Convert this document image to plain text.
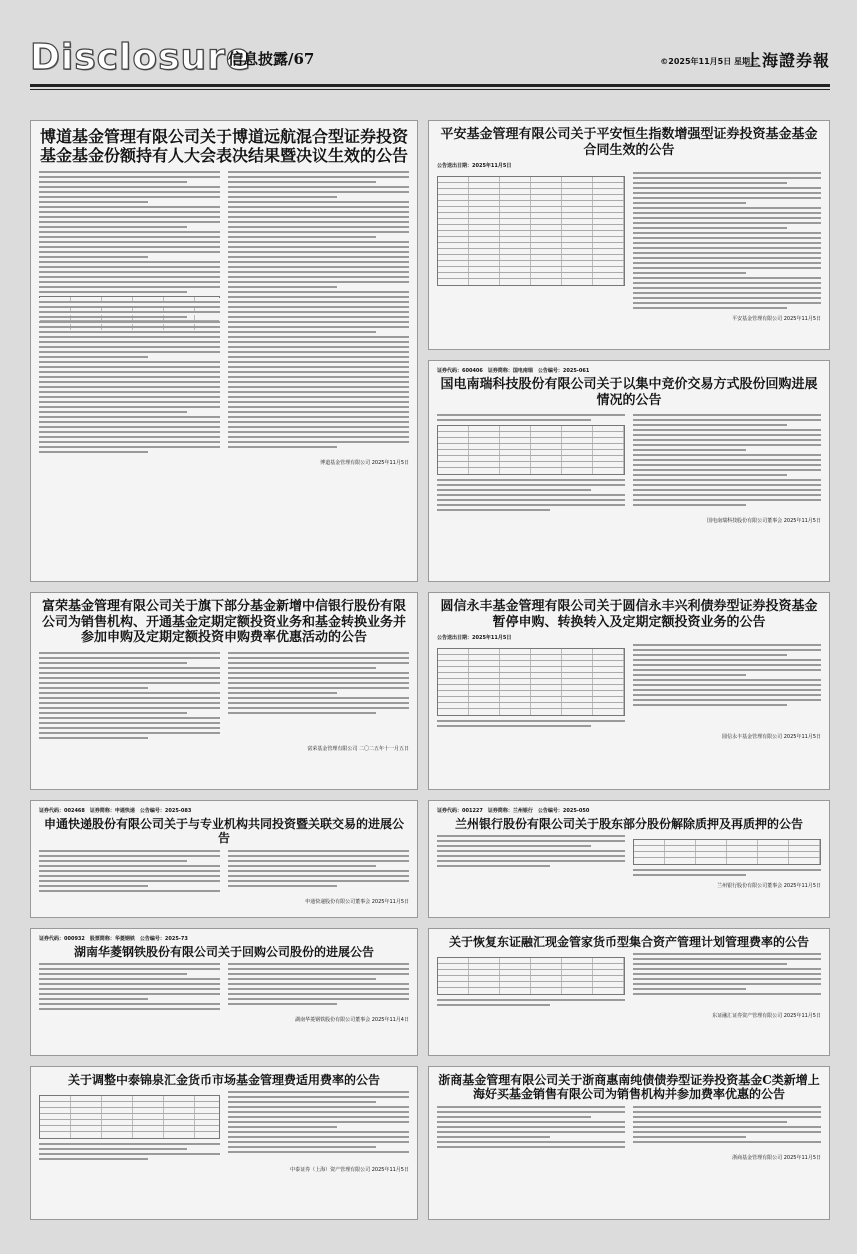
Disclosure
信息披露/67	©2025年11月5日 星期三
上海證券報
博道基金管理有限公司关于博道远航混合型证券投资基金基金份额持有人大会表决结果暨决议生效的公告
博道基金管理有限公司 2025年11月5日
平安基金管理有限公司关于平安恒生指数增强型证券投资基金基金合同生效的公告
公告送出日期：2025年11月5日
平安基金管理有限公司 2025年11月5日
证券代码：600406　证券简称：国电南瑞　公告编号：2025-061
国电南瑞科技股份有限公司关于以集中竞价交易方式股份回购进展情况的公告
国电南瑞科技股份有限公司董事会 2025年11月5日
富荣基金管理有限公司关于旗下部分基金新增中信银行股份有限公司为销售机构、开通基金定期定额投资业务和基金转换业务并参加申购及定期定额投资申购费率优惠活动的公告
富荣基金管理有限公司 二〇二五年十一月五日
圆信永丰基金管理有限公司关于圆信永丰兴利债券型证券投资基金暂停申购、转换转入及定期定额投资业务的公告
公告送出日期：2025年11月5日
圆信永丰基金管理有限公司 2025年11月5日
证券代码：002468　证券简称：申通快递　公告编号：2025-083
申通快递股份有限公司关于与专业机构共同投资暨关联交易的进展公告
申通快递股份有限公司董事会 2025年11月5日
证券代码：001227　证券简称：兰州银行　公告编号：2025-050
兰州银行股份有限公司关于股东部分股份解除质押及再质押的公告
兰州银行股份有限公司董事会 2025年11月5日
证券代码：000932　股票简称：华菱钢铁　公告编号：2025-73
湖南华菱钢铁股份有限公司关于回购公司股份的进展公告
湖南华菱钢铁股份有限公司董事会 2025年11月4日
关于恢复东证融汇现金管家货币型集合资产管理计划管理费率的公告
东证融汇证券资产管理有限公司 2025年11月5日
关于调整中泰锦泉汇金货币市场基金管理费适用费率的公告
中泰证券（上海）资产管理有限公司 2025年11月5日
浙商基金管理有限公司关于浙商惠南纯债债券型证券投资基金C类新增上海好买基金销售有限公司为销售机构并参加费率优惠的公告
浙商基金管理有限公司 2025年11月5日
